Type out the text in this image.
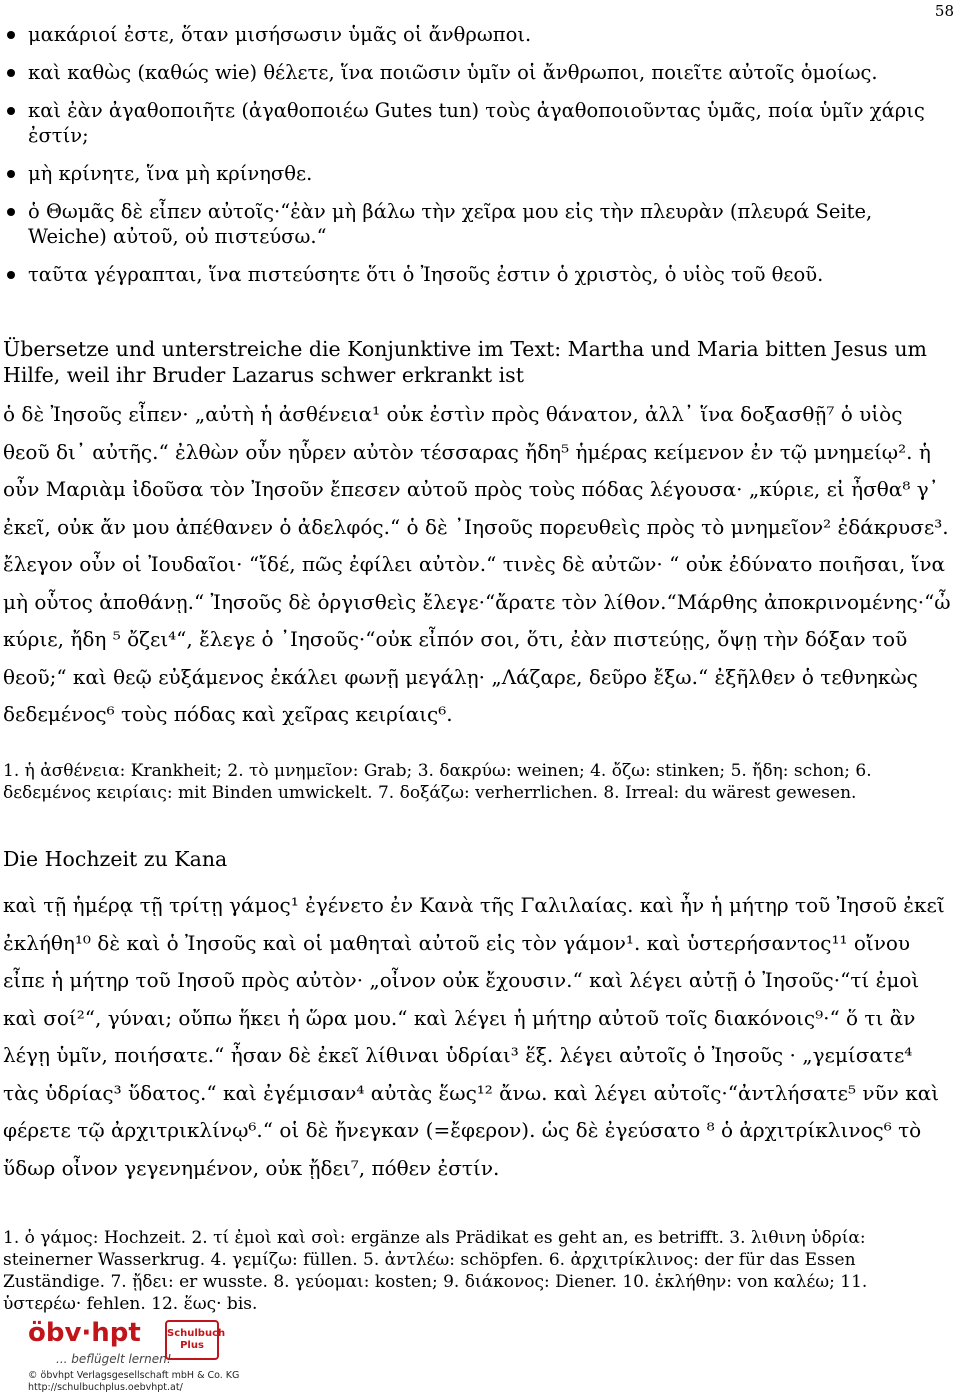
58
μακάριοί ἐστε, ὅταν μισήσωσιν ὑμᾶς οἱ ἄνθρωποι.
καὶ καθὼς (καθώς wie) θέλετε, ἵνα ποιῶσιν ὑμῖν οἱ ἄνθρωποι, ποιεῖτε αὐτοῖς ὁμοίως.
καὶ ἐὰν ἀγαθοποιῆτε (ἀγαθοποιέω Gutes tun) τοὺς ἀγαθοποιοῦντας ὑμᾶς, ποία ὑμῖν χάρις ἐστίν;
μὴ κρίνητε, ἵνα μὴ κρίνησθε.
ὁ Θωμᾶς δὲ εἶπεν αὐτοῖς·“ἐὰν μὴ βάλω τὴν χεῖρα μου εἰς τὴν πλευρὰν (πλευρά Seite, Weiche) αὐτοῦ, οὐ πιστεύσω.“
ταῦτα γέγραπται, ἵνα πιστεύσητε ὅτι ὁ Ἰησοῦς ἐστιν ὁ χριστὸς, ὁ υἱὸς τοῦ θεοῦ.
Übersetze und unterstreiche die Konjunktive im Text: Martha und Maria bitten Jesus um Hilfe, weil ihr Bruder Lazarus schwer erkrankt ist
ὁ δὲ Ἰησοῦς εἶπεν· „αὐτὴ ἡ ἀσθένεια¹ οὐκ ἐστὶν πρὸς θάνατον, ἀλλ᾽ ἵνα δοξασθῇ⁷ ὁ υἱὸς θεοῦ δι᾽ αὐτῆς.“ ἐλθὼν οὖν ηὗρεν αὐτὸν τέσσαρας ἤδη⁵ ἡμέρας κείμενον ἐν τῷ μνημείῳ². ἡ οὖν Μαριὰμ ἰδοῦσα τὸν Ἰησοῦν ἔπεσεν αὐτοῦ πρὸς τοὺς πόδας λέγουσα· „κύριε, εἰ ἦσθα⁸ γ᾽ ἐκεῖ, οὐκ ἄν μου ἀπέθανεν ὁ ἀδελφός.“ ὁ δὲ ᾿Ιησοῦς πορευθεὶς πρὸς τὸ μνημεῖον² ἐδάκρυσε³. ἔλεγον οὖν οἱ Ἰουδαῖοι· “ἴδέ, πῶς ἐφίλει αὐτὸν.“ τινὲς δὲ αὐτῶν· “ οὐκ ἐδύνατο ποιῆσαι, ἵνα μὴ οὗτος ἀποθάνῃ.“ Ἰησοῦς δὲ ὀργισθεὶς ἔλεγε·“ἄρατε τὸν λίθον.“Μάρθης ἀποκρινομένης·“ὦ κύριε, ἤδη ⁵ ὄζει⁴“, ἔλεγε ὁ ᾿Ιησοῦς·“οὐκ εἶπόν σοι, ὅτι, ἐὰν πιστεύῃς, ὄψῃ τὴν δόξαν τοῦ θεοῦ;“ καὶ θεῷ εὐξάμενος ἐκάλει φωνῇ μεγάλῃ· „Λάζαρε, δεῦρο ἔξω.“ ἐξῆλθεν ὁ τεθνηκὼς δεδεμένος⁶ τοὺς πόδας καὶ χεῖρας κειρίαις⁶.
1. ἡ ἀσθένεια: Krankheit; 2. τὸ μνημεῖον: Grab; 3. δακρύω: weinen; 4. ὄζω: stinken; 5. ἤδη: schon; 6. δεδεμένος κειρίαις: mit Binden umwickelt. 7. δοξάζω: verherrlichen. 8. Irreal: du wärest gewesen.
Die Hochzeit zu Kana
καὶ τῇ ἡμέρᾳ τῇ τρίτῃ γάμος¹ ἐγένετο ἐν Κανὰ τῆς Γαλιλαίας. καὶ ἦν ἡ μήτηρ τοῦ Ἰησοῦ ἐκεῖ ἐκλήθη¹⁰ δὲ καὶ ὁ Ἰησοῦς καὶ οἱ μαθηταὶ αὐτοῦ εἰς τὸν γάμον¹. καὶ ὑστερήσαντος¹¹ οἴνου εἶπε ἡ μήτηρ τοῦ Ιησοῦ πρὸς αὐτὸν· „οἶνον οὐκ ἔχουσιν.“ καὶ λέγει αὐτῇ ὁ Ἰησοῦς·“τί ἐμοὶ καὶ σοί²“, γύναι; οὔπω ἥκει ἡ ὥρα μου.“ καὶ λέγει ἡ μήτηρ αὐτοῦ τοῖς διακόνοις⁹·“ ὅ τι ἂν λέγῃ ὑμῖν, ποιήσατε.“ ἦσαν δὲ ἐκεῖ λίθιναι ὑδρίαι³ ἕξ. λέγει αὐτοῖς ὁ Ἰησοῦς · „γεμίσατε⁴ τὰς ὑδρίας³ ὕδατος.“ καὶ ἐγέμισαν⁴ αὐτὰς ἕως¹² ἄνω. καὶ λέγει αὐτοῖς·“ἀντλήσατε⁵ νῦν καὶ φέρετε τῷ ἀρχιτρικλίνῳ⁶.“ οἱ δὲ ἤνεγκαν (=ἔφερον). ὡς δὲ ἐγεύσατο ⁸ ὁ ἀρχιτρίκλινος⁶ τὸ ὕδωρ οἶνον γεγενημένον, οὐκ ᾔδει⁷, πόθεν ἐστίν.
1. ὁ γάμος: Hochzeit. 2. τί ἐμοὶ καὶ σοὶ: ergänze als Prädikat es geht an, es betrifft. 3. λιθινη ὑδρία: steinerner Wasserkrug. 4. γεμίζω: füllen. 5. ἀντλέω: schöpfen. 6. ἀρχιτρίκλινος: der für das Essen Zuständige. 7. ᾔδει: er wusste. 8. γεύομαι: kosten; 9. διάκονος: Diener. 10. ἐκλήθην: von καλέω; 11. ὑστερέω· fehlen. 12. ἕως· bis.
öbv·hpt	Schulbuch Plus
... beflügelt lernen!
© öbvhpt Verlagsgesellschaft mbH & Co. KG
http://schulbuchplus.oebvhpt.at/
